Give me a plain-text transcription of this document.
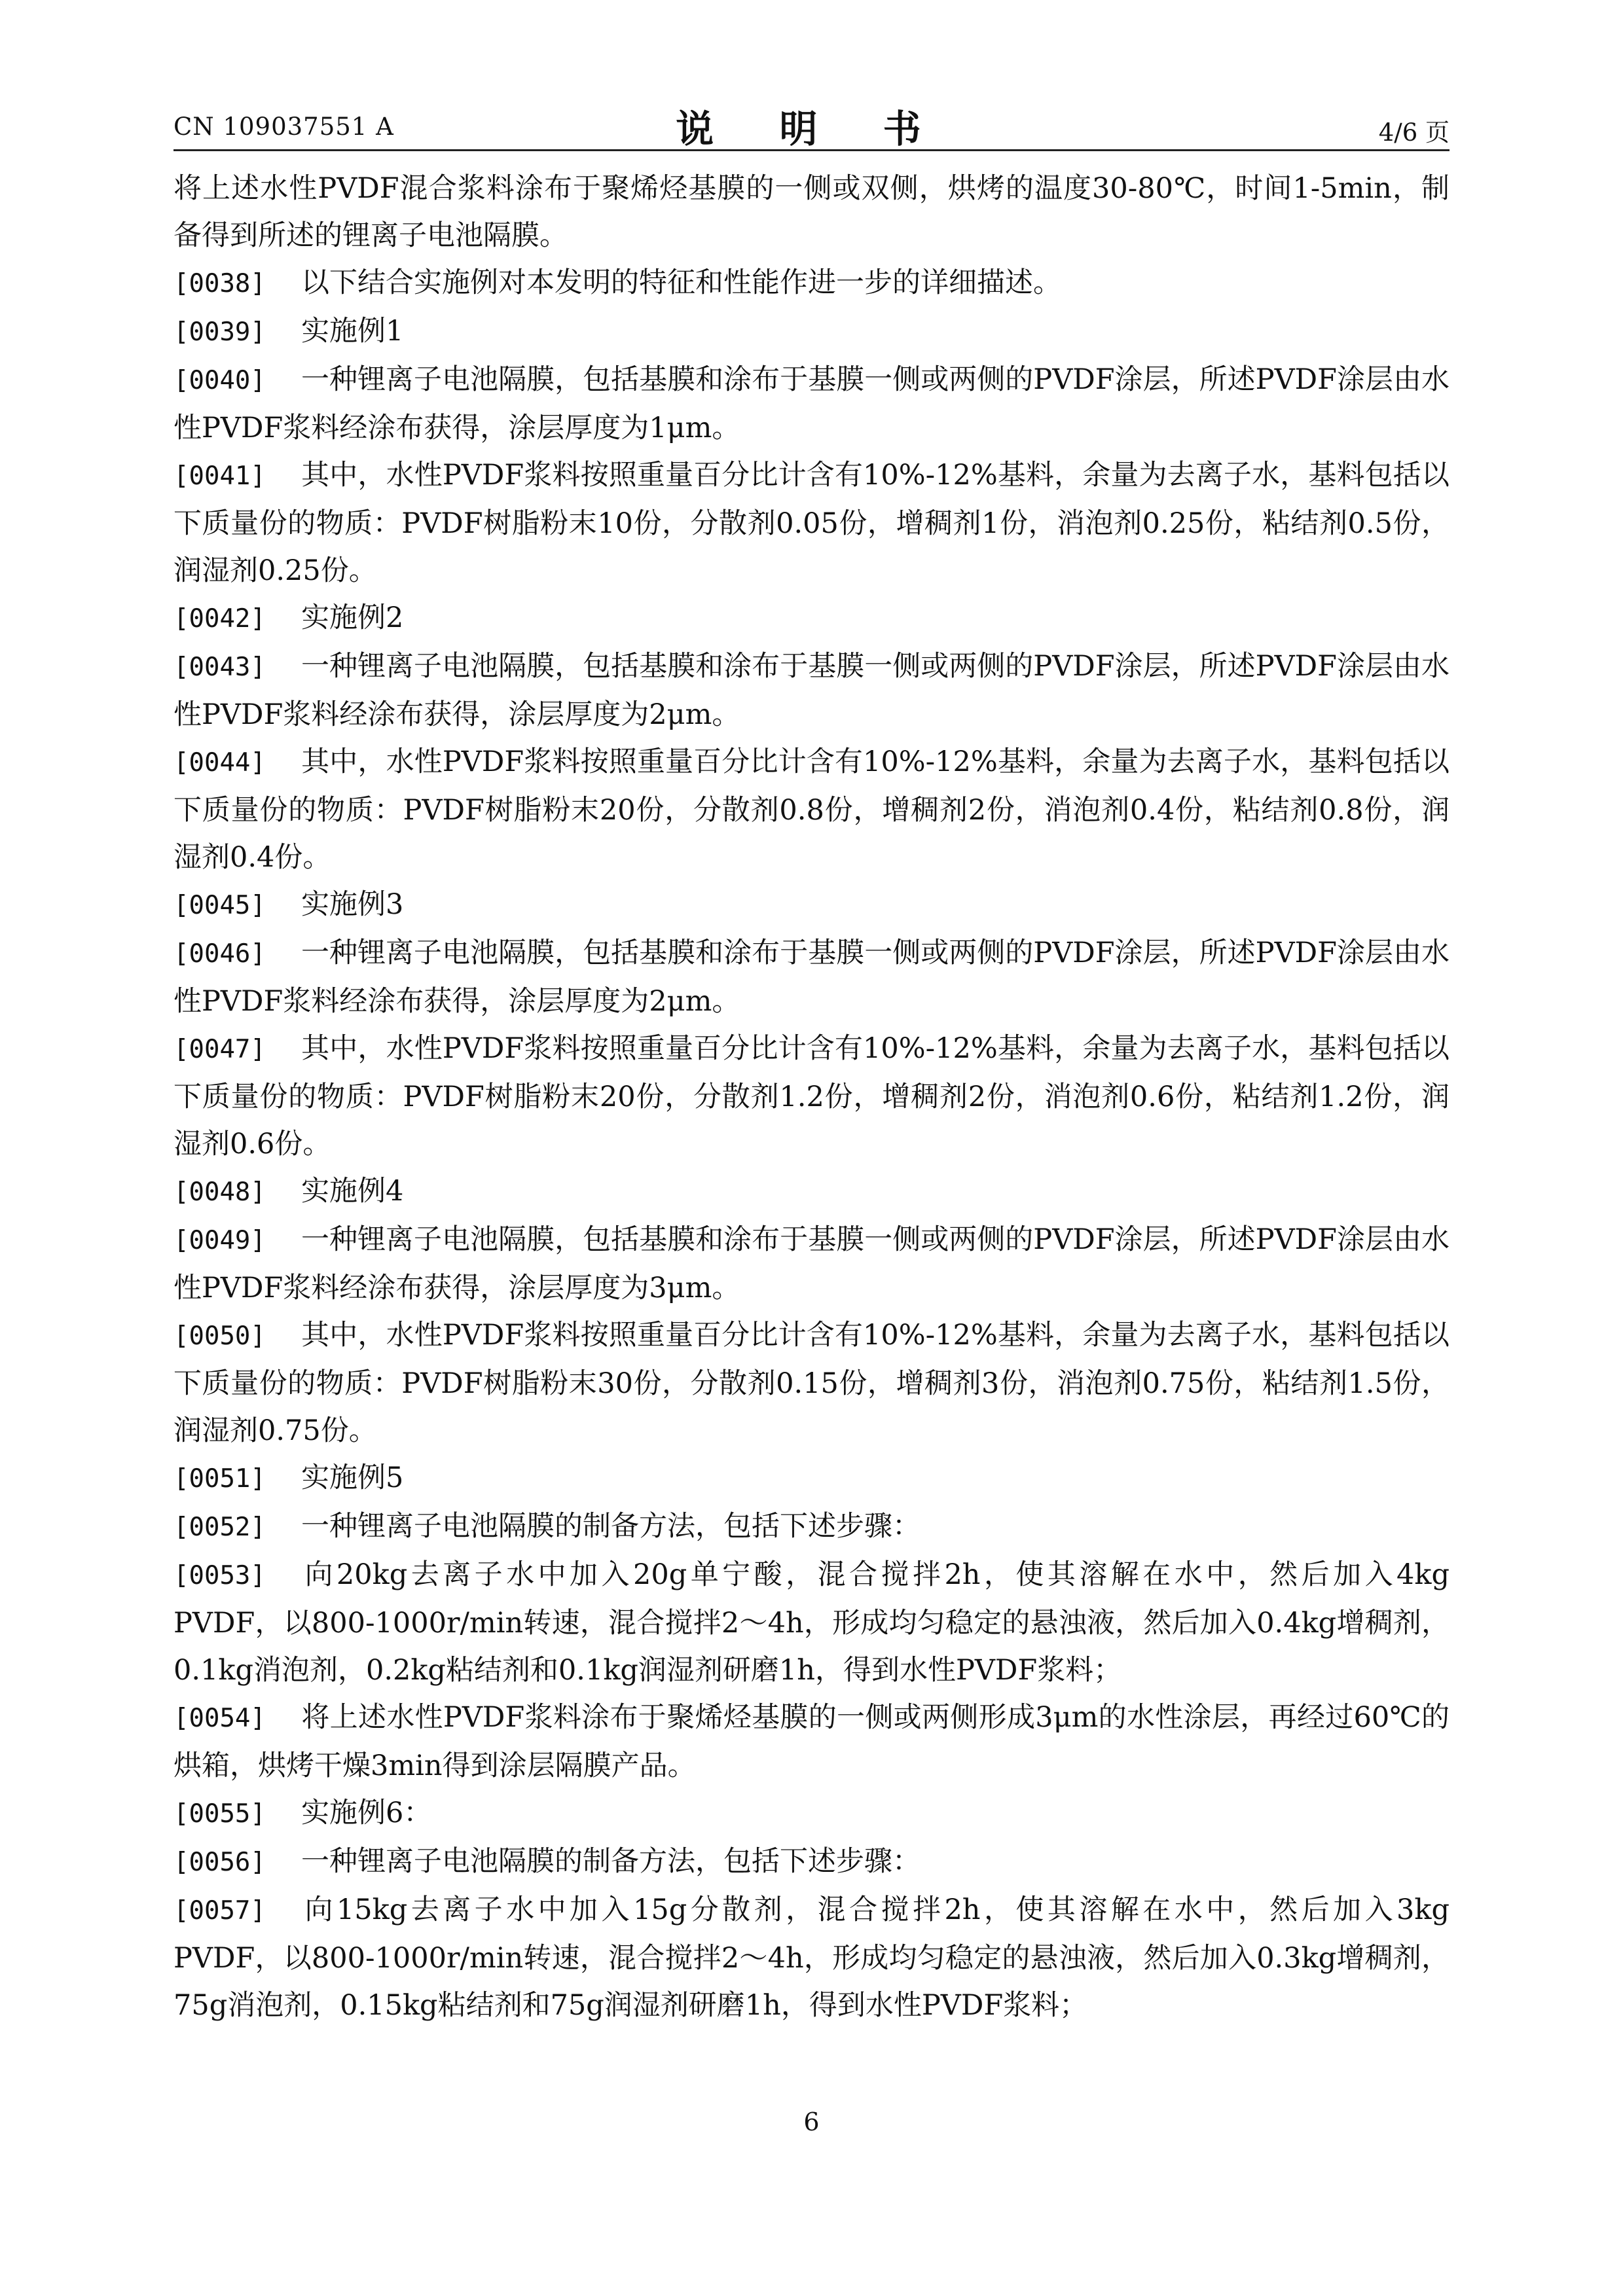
CN 109037551 A	说 明 书	4/6 页

将上述水性PVDF混合浆料涂布于聚烯烃基膜的一侧或双侧，烘烤的温度30-80℃，时间1-5min，制备得到所述的锂离子电池隔膜。

[0038] 以下结合实施例对本发明的特征和性能作进一步的详细描述。

[0039] 实施例1

[0040] 一种锂离子电池隔膜，包括基膜和涂布于基膜一侧或两侧的PVDF涂层，所述PVDF涂层由水性PVDF浆料经涂布获得，涂层厚度为1μm。

[0041] 其中，水性PVDF浆料按照重量百分比计含有10%-12%基料，余量为去离子水，基料包括以下质量份的物质：PVDF树脂粉末10份，分散剂0.05份，增稠剂1份，消泡剂0.25份，粘结剂0.5份，润湿剂0.25份。

[0042] 实施例2

[0043] 一种锂离子电池隔膜，包括基膜和涂布于基膜一侧或两侧的PVDF涂层，所述PVDF涂层由水性PVDF浆料经涂布获得，涂层厚度为2μm。

[0044] 其中，水性PVDF浆料按照重量百分比计含有10%-12%基料，余量为去离子水，基料包括以下质量份的物质：PVDF树脂粉末20份，分散剂0.8份，增稠剂2份，消泡剂0.4份，粘结剂0.8份，润湿剂0.4份。

[0045] 实施例3

[0046] 一种锂离子电池隔膜，包括基膜和涂布于基膜一侧或两侧的PVDF涂层，所述PVDF涂层由水性PVDF浆料经涂布获得，涂层厚度为2μm。

[0047] 其中，水性PVDF浆料按照重量百分比计含有10%-12%基料，余量为去离子水，基料包括以下质量份的物质：PVDF树脂粉末20份，分散剂1.2份，增稠剂2份，消泡剂0.6份，粘结剂1.2份，润湿剂0.6份。

[0048] 实施例4

[0049] 一种锂离子电池隔膜，包括基膜和涂布于基膜一侧或两侧的PVDF涂层，所述PVDF涂层由水性PVDF浆料经涂布获得，涂层厚度为3μm。

[0050] 其中，水性PVDF浆料按照重量百分比计含有10%-12%基料，余量为去离子水，基料包括以下质量份的物质：PVDF树脂粉末30份，分散剂0.15份，增稠剂3份，消泡剂0.75份，粘结剂1.5份，润湿剂0.75份。

[0051] 实施例5

[0052] 一种锂离子电池隔膜的制备方法，包括下述步骤：

[0053] 向20kg去离子水中加入20g单宁酸，混合搅拌2h，使其溶解在水中，然后加入4kg PVDF，以800-1000r/min转速，混合搅拌2～4h，形成均匀稳定的悬浊液，然后加入0.4kg增稠剂，0.1kg消泡剂，0.2kg粘结剂和0.1kg润湿剂研磨1h，得到水性PVDF浆料；

[0054] 将上述水性PVDF浆料涂布于聚烯烃基膜的一侧或两侧形成3μm的水性涂层，再经过60℃的烘箱，烘烤干燥3min得到涂层隔膜产品。

[0055] 实施例6：

[0056] 一种锂离子电池隔膜的制备方法，包括下述步骤：

[0057] 向15kg去离子水中加入15g分散剂，混合搅拌2h，使其溶解在水中，然后加入3kg PVDF，以800-1000r/min转速，混合搅拌2～4h，形成均匀稳定的悬浊液，然后加入0.3kg增稠剂，75g消泡剂，0.15kg粘结剂和75g润湿剂研磨1h，得到水性PVDF浆料；

6
